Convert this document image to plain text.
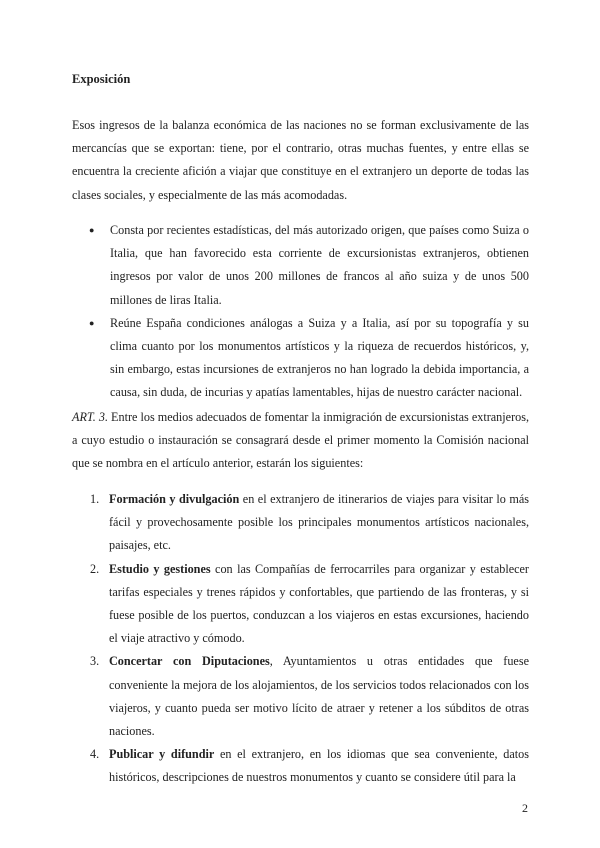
Exposición

Esos ingresos de la balanza económica de las naciones no se forman exclusivamente de las mercancías que se exportan: tiene, por el contrario, otras muchas fuentes, y entre ellas se encuentra la creciente afición a viajar que constituye en el extranjero un deporte de todas las clases sociales, y especialmente de las más acomodadas.

● Consta por recientes estadísticas, del más autorizado origen, que países como Suiza o Italia, que han favorecido esta corriente de excursionistas extranjeros, obtienen ingresos por valor de unos 200 millones de francos al año suiza y de unos 500 millones de liras Italia.
● Reúne España condiciones análogas a Suiza y a Italia, así por su topografía y su clima cuanto por los monumentos artísticos y la riqueza de recuerdos históricos, y, sin embargo, estas incursiones de extranjeros no han logrado la debida importancia, a causa, sin duda, de incurias y apatías lamentables, hijas de nuestro carácter nacional.

ART. 3. Entre los medios adecuados de fomentar la inmigración de excursionistas extranjeros, a cuyo estudio o instauración se consagrará desde el primer momento la Comisión nacional que se nombra en el artículo anterior, estarán los siguientes:

1. Formación y divulgación en el extranjero de itinerarios de viajes para visitar lo más fácil y provechosamente posible los principales monumentos artísticos nacionales, paisajes, etc.
2. Estudio y gestiones con las Compañías de ferrocarriles para organizar y establecer tarifas especiales y trenes rápidos y confortables, que partiendo de las fronteras, y si fuese posible de los puertos, conduzcan a los viajeros en estas excursiones, haciendo el viaje atractivo y cómodo.
3. Concertar con Diputaciones, Ayuntamientos u otras entidades que fuese conveniente la mejora de los alojamientos, de los servicios todos relacionados con los viajeros, y cuanto pueda ser motivo lícito de atraer y retener a los súbditos de otras naciones.
4. Publicar y difundir en el extranjero, en los idiomas que sea conveniente, datos históricos, descripciones de nuestros monumentos y cuanto se considere útil para la
2
